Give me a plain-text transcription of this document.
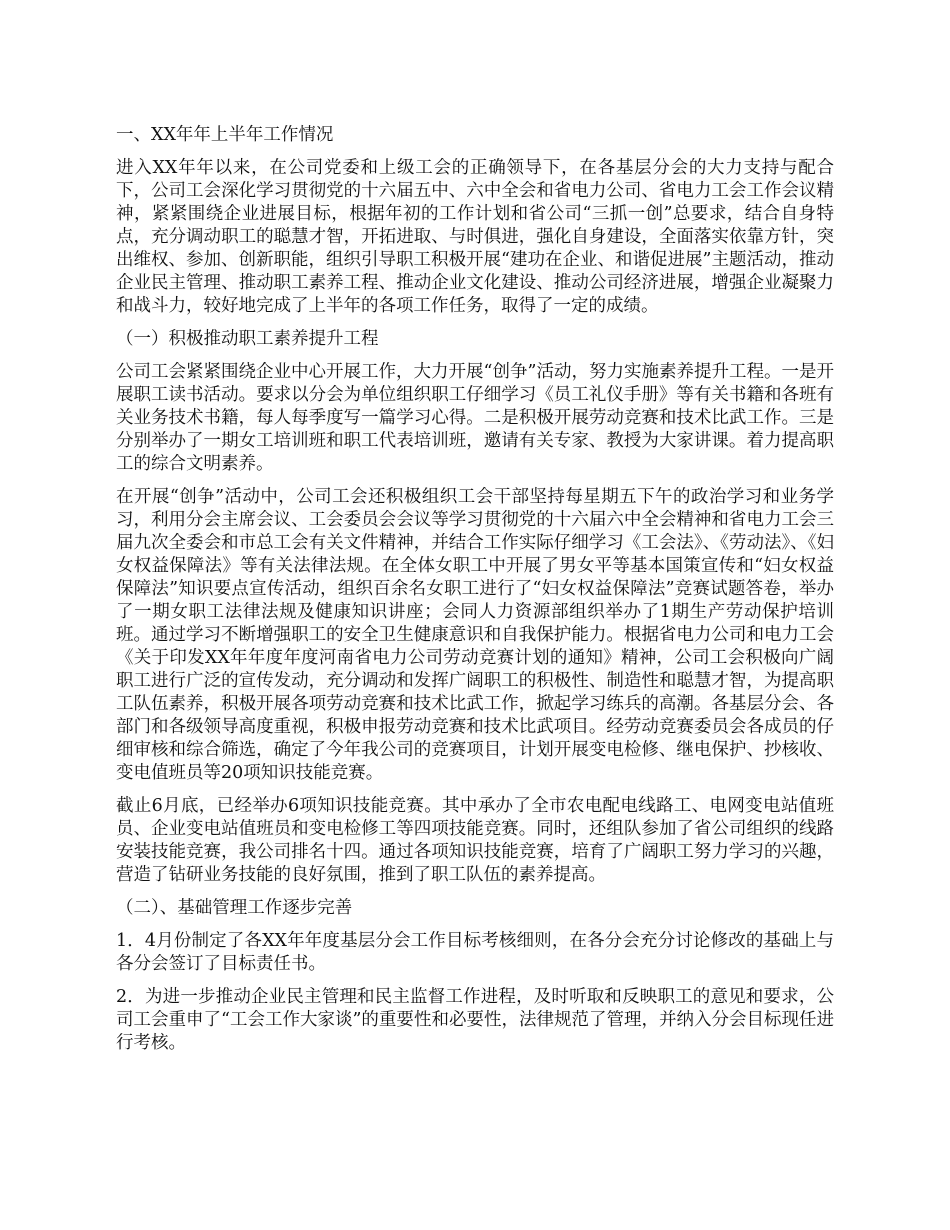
一、XX年年上半年工作情况

进入XX年年以来，在公司党委和上级工会的正确领导下，在各基层分会的大力支持与配合下，公司工会深化学习贯彻党的十六届五中、六中全会和省电力公司、省电力工会工作会议精神，紧紧围绕企业进展目标，根据年初的工作计划和省公司“三抓一创”总要求，结合自身特点，充分调动职工的聪慧才智，开拓进取、与时俱进，强化自身建设，全面落实依靠方针，突出维权、参加、创新职能，组织引导职工积极开展“建功在企业、和谐促进展”主题活动，推动企业民主管理、推动职工素养工程、推动企业文化建设、推动公司经济进展，增强企业凝聚力和战斗力，较好地完成了上半年的各项工作任务，取得了一定的成绩。

（一）积极推动职工素养提升工程

公司工会紧紧围绕企业中心开展工作，大力开展“创争”活动，努力实施素养提升工程。一是开展职工读书活动。要求以分会为单位组织职工仔细学习《员工礼仪手册》等有关书籍和各班有关业务技术书籍，每人每季度写一篇学习心得。二是积极开展劳动竞赛和技术比武工作。三是分别举办了一期女工培训班和职工代表培训班，邀请有关专家、教授为大家讲课。着力提高职工的综合文明素养。

在开展“创争”活动中，公司工会还积极组织工会干部坚持每星期五下午的政治学习和业务学习，利用分会主席会议、工会委员会会议等学习贯彻党的十六届六中全会精神和省电力工会三届九次全委会和市总工会有关文件精神，并结合工作实际仔细学习《工会法》、《劳动法》、《妇女权益保障法》等有关法律法规。在全体女职工中开展了男女平等基本国策宣传和“妇女权益保障法”知识要点宣传活动，组织百余名女职工进行了“妇女权益保障法”竞赛试题答卷，举办了一期女职工法律法规及健康知识讲座；会同人力资源部组织举办了1期生产劳动保护培训班。通过学习不断增强职工的安全卫生健康意识和自我保护能力。根据省电力公司和电力工会《关于印发XX年年度年度河南省电力公司劳动竞赛计划的通知》精神，公司工会积极向广阔职工进行广泛的宣传发动，充分调动和发挥广阔职工的积极性、制造性和聪慧才智，为提高职工队伍素养，积极开展各项劳动竞赛和技术比武工作，掀起学习练兵的高潮。各基层分会、各部门和各级领导高度重视，积极申报劳动竞赛和技术比武项目。经劳动竞赛委员会各成员的仔细审核和综合筛选，确定了今年我公司的竞赛项目，计划开展变电检修、继电保护、抄核收、变电值班员等20项知识技能竞赛。

截止6月底，已经举办6项知识技能竞赛。其中承办了全市农电配电线路工、电网变电站值班员、企业变电站值班员和变电检修工等四项技能竞赛。同时，还组队参加了省公司组织的线路安装技能竞赛，我公司排名十四。通过各项知识技能竞赛，培育了广阔职工努力学习的兴趣，营造了钻研业务技能的良好氛围，推到了职工队伍的素养提高。

（二）、基础管理工作逐步完善

1．4月份制定了各XX年年度基层分会工作目标考核细则，在各分会充分讨论修改的基础上与各分会签订了目标责任书。

2．为进一步推动企业民主管理和民主监督工作进程，及时听取和反映职工的意见和要求，公司工会重申了“工会工作大家谈”的重要性和必要性，法律规范了管理，并纳入分会目标现任进行考核。
